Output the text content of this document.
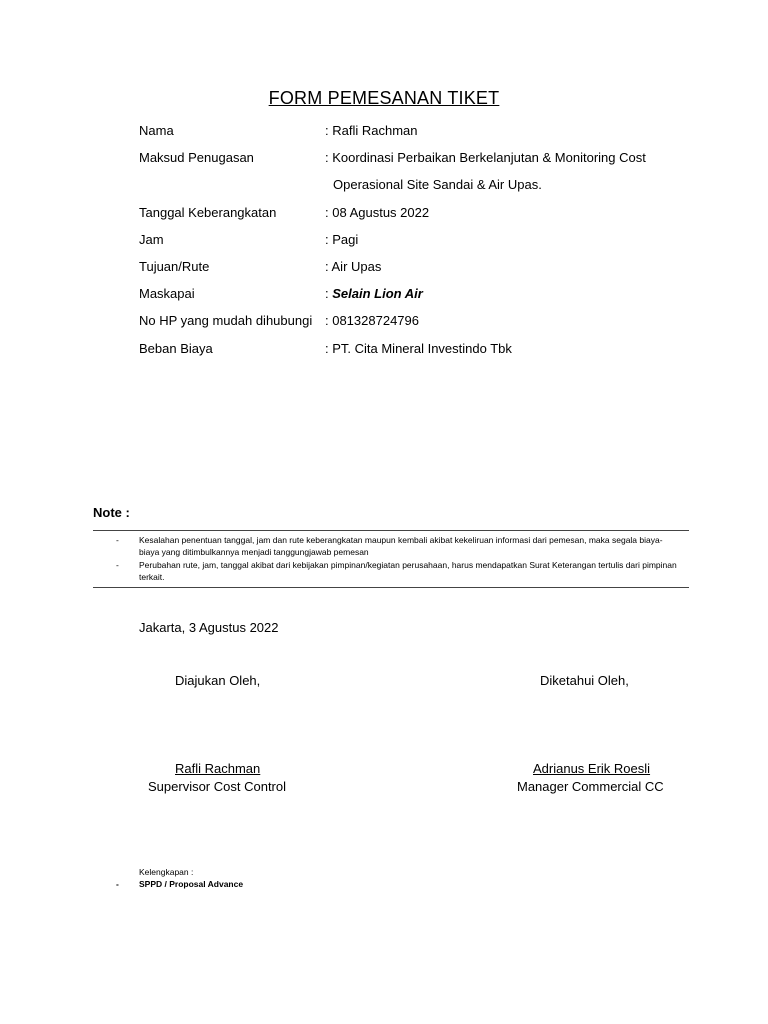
FORM PEMESANAN TIKET
Nama	: Rafli Rachman
Maksud Penugasan	: Koordinasi Perbaikan Berkelanjutan & Monitoring Cost
Operasional Site Sandai & Air Upas.
Tanggal Keberangkatan	: 08 Agustus 2022
Jam	: Pagi
Tujuan/Rute	: Air Upas
Maskapai	: Selain Lion Air
No HP yang mudah dihubungi : 081328724796
Beban Biaya	: PT. Cita Mineral Investindo Tbk
Note :
- Kesalahan penentuan tanggal, jam dan rute keberangkatan maupun kembali akibat kekeliruan informasi dari pemesan, maka segala biaya-biaya yang ditimbulkannya menjadi tanggungjawab pemesan
- Perubahan rute, jam, tanggal akibat dari kebijakan pimpinan/kegiatan perusahaan, harus mendapatkan Surat Keterangan tertulis dari pimpinan terkait.
Jakarta, 3 Agustus 2022
Diajukan Oleh,	Diketahui Oleh,
Rafli Rachman	Adrianus Erik Roesli
Supervisor Cost Control	Manager Commercial CC
Kelengkapan :
- SPPD / Proposal Advance
